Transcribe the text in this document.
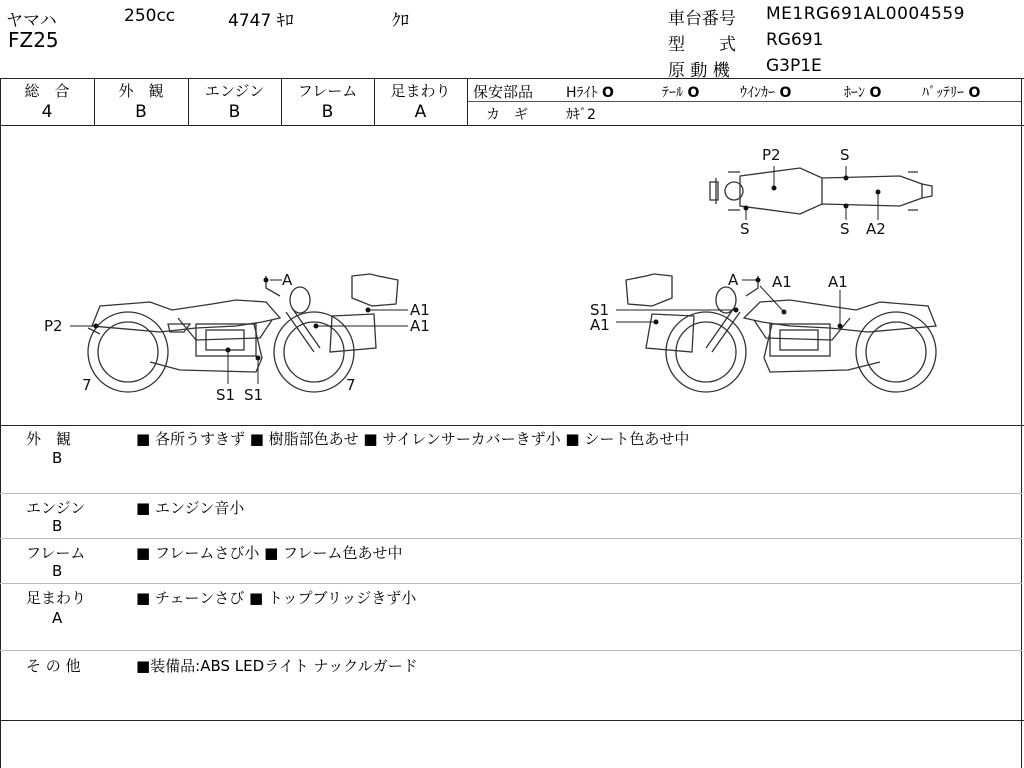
ヤマハ	250cc	4747 ｷﾛ	ｸﾛ
FZ25
車台番号 ME1RG691AL0004559
型　　式 RG691
原 動 機 G3P1E
総　合
4
外　観
B
エンジン
B
フレーム
B
足まわり
A
保安部品 Hﾗｲﾄ O	ﾃｰﾙ O	ｳｲﾝｶｰ O	ﾎｰﾝ O	ﾊﾞｯﾃﾘｰ O
カ　ギ	ｶｷﾞ2
A
A1
A1
P2
7
S1 S1
7
A A1 A1
S1
A1
P2	S
S	S A2
外　観
B
■ 各所うすきず ■ 樹脂部色あせ ■ サイレンサーカバーきず小 ■ シート色あせ中
エンジン
B
■ エンジン音小
フレーム
B
■ フレームさび小 ■ フレーム色あせ中
足まわり
A
■ チェーンさび ■ トップブリッジきず小
そ の 他	■装備品:ABS LEDライト ナックルガード
